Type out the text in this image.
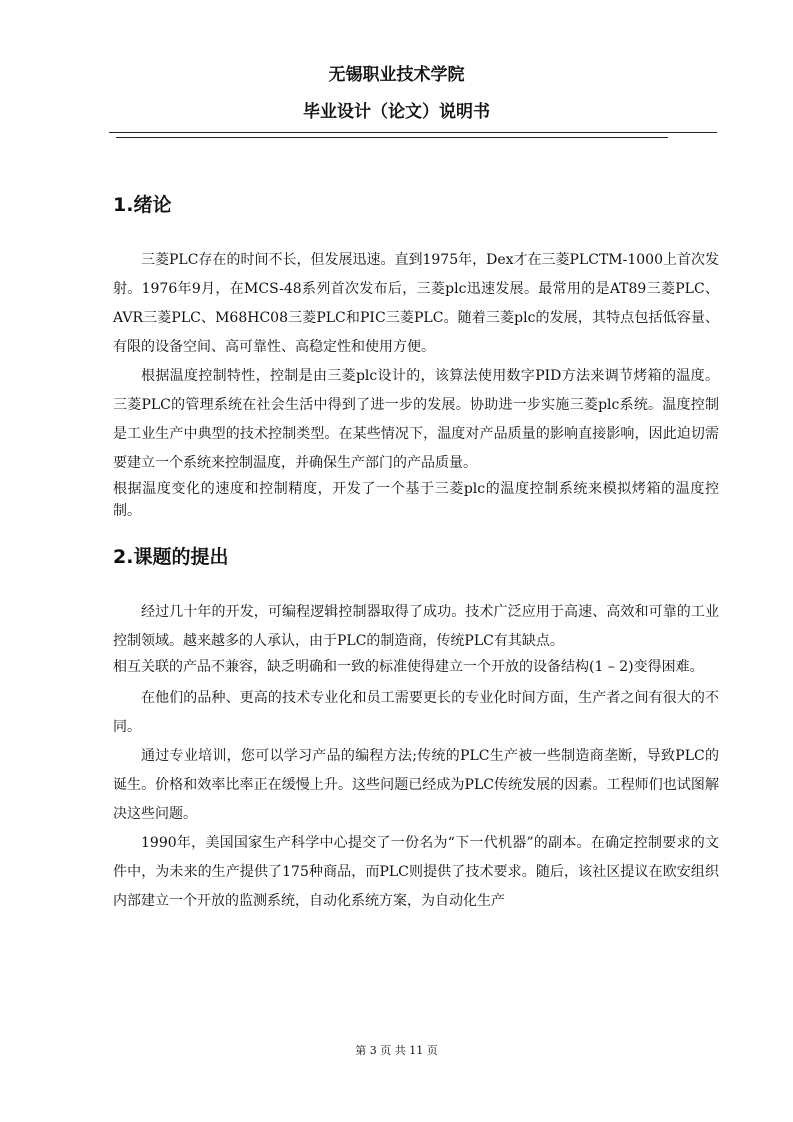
无锡职业技术学院
毕业设计（论文）说明书
1.绪论

三菱PLC存在的时间不长，但发展迅速。直到1975年，Dex才在三菱PLCTM-1000上首次发射。1976年9月，在MCS-48系列首次发布后，三菱plc迅速发展。最常用的是AT89三菱PLC、AVR三菱PLC、M68HC08三菱PLC和PIC三菱PLC。随着三菱plc的发展，其特点包括低容量、有限的设备空间、高可靠性、高稳定性和使用方便。

根据温度控制特性，控制是由三菱plc设计的，该算法使用数字PID方法来调节烤箱的温度。三菱PLC的管理系统在社会生活中得到了进一步的发展。协助进一步实施三菱plc系统。温度控制是工业生产中典型的技术控制类型。在某些情况下，温度对产品质量的影响直接影响，因此迫切需要建立一个系统来控制温度，并确保生产部门的产品质量。

根据温度变化的速度和控制精度，开发了一个基于三菱plc的温度控制系统来模拟烤箱的温度控制。

2.课题的提出

经过几十年的开发，可编程逻辑控制器取得了成功。技术广泛应用于高速、高效和可靠的工业控制领域。越来越多的人承认，由于PLC的制造商，传统PLC有其缺点。

相互关联的产品不兼容，缺乏明确和一致的标准使得建立一个开放的设备结构(1 – 2)变得困难。

在他们的品种、更高的技术专业化和员工需要更长的专业化时间方面，生产者之间有很大的不同。

通过专业培训，您可以学习产品的编程方法;传统的PLC生产被一些制造商垄断，导致PLC的诞生。价格和效率比率正在缓慢上升。这些问题已经成为PLC传统发展的因素。工程师们也试图解决这些问题。

1990年，美国国家生产科学中心提交了一份名为“下一代机器”的副本。在确定控制要求的文件中，为未来的生产提供了175种商品，而PLC则提供了技术要求。随后，该社区提议在欧安组织内部建立一个开放的监测系统，自动化系统方案，为自动化生产

第 3 页 共 11 页
